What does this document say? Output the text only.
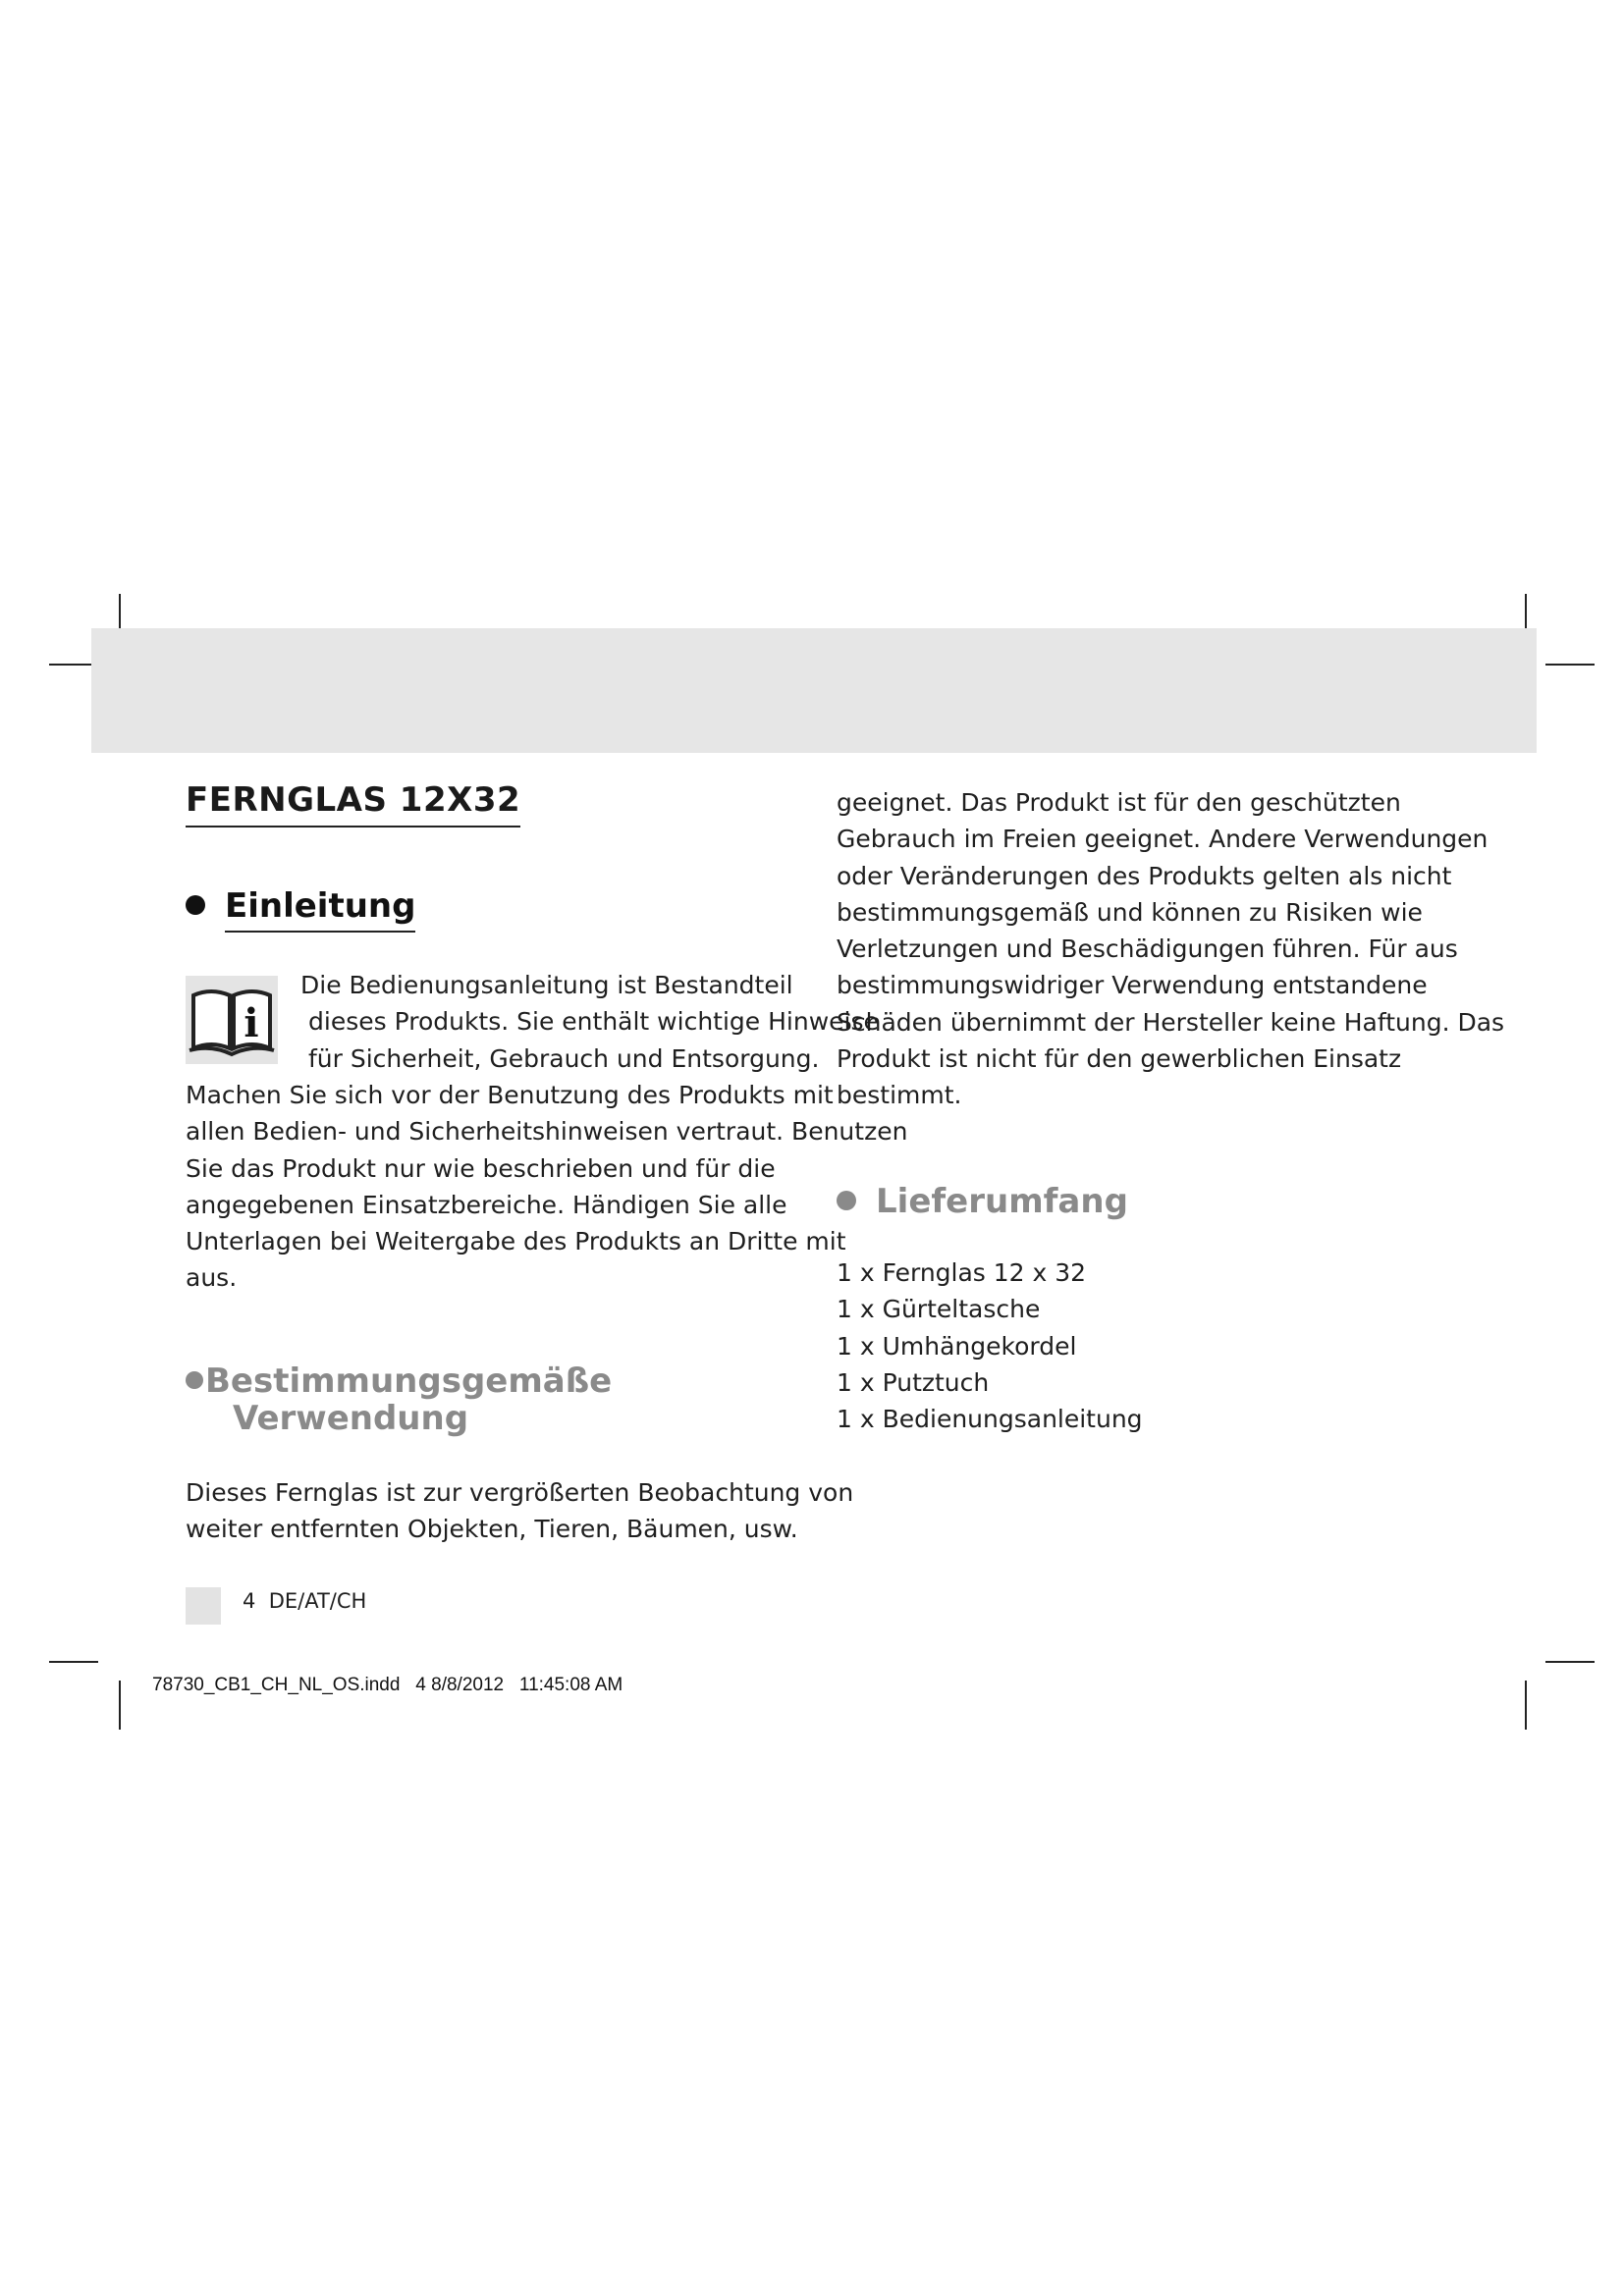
FERNGLAS 12X32
Einleitung
i

Die Bedienungsanleitung ist Bestandteil
dieses Produkts. Sie enthält wichtige Hinweise
für Sicherheit, Gebrauch und Entsorgung.

Machen Sie sich vor der Benutzung des Produkts mit
allen Bedien- und Sicherheitshinweisen vertraut. Benutzen
Sie das Produkt nur wie beschrieben und für die
angegebenen Einsatzbereiche. Händigen Sie alle
Unterlagen bei Weitergabe des Produkts an Dritte mit
aus.

Bestimmungsgemäße
Verwendung

Dieses Fernglas ist zur vergrößerten Beobachtung von
weiter entfernten Objekten, Tieren, Bäumen, usw.

geeignet. Das Produkt ist für den geschützten
Gebrauch im Freien geeignet. Andere Verwendungen
oder Veränderungen des Produkts gelten als nicht
bestimmungsgemäß und können zu Risiken wie
Verletzungen und Beschädigungen führen. Für aus
bestimmungswidriger Verwendung entstandene
Schäden übernimmt der Hersteller keine Haftung. Das
Produkt ist nicht für den gewerblichen Einsatz
bestimmt.

Lieferumfang
1 x Fernglas 12 x 32
1 x Gürteltasche
1 x Umhängekordel
1 x Putztuch
1 x Bedienungsanleitung
4 DE/AT/CH
78730_CB1_CH_NL_OS.indd   4 8/8/2012   11:45:08 AM
